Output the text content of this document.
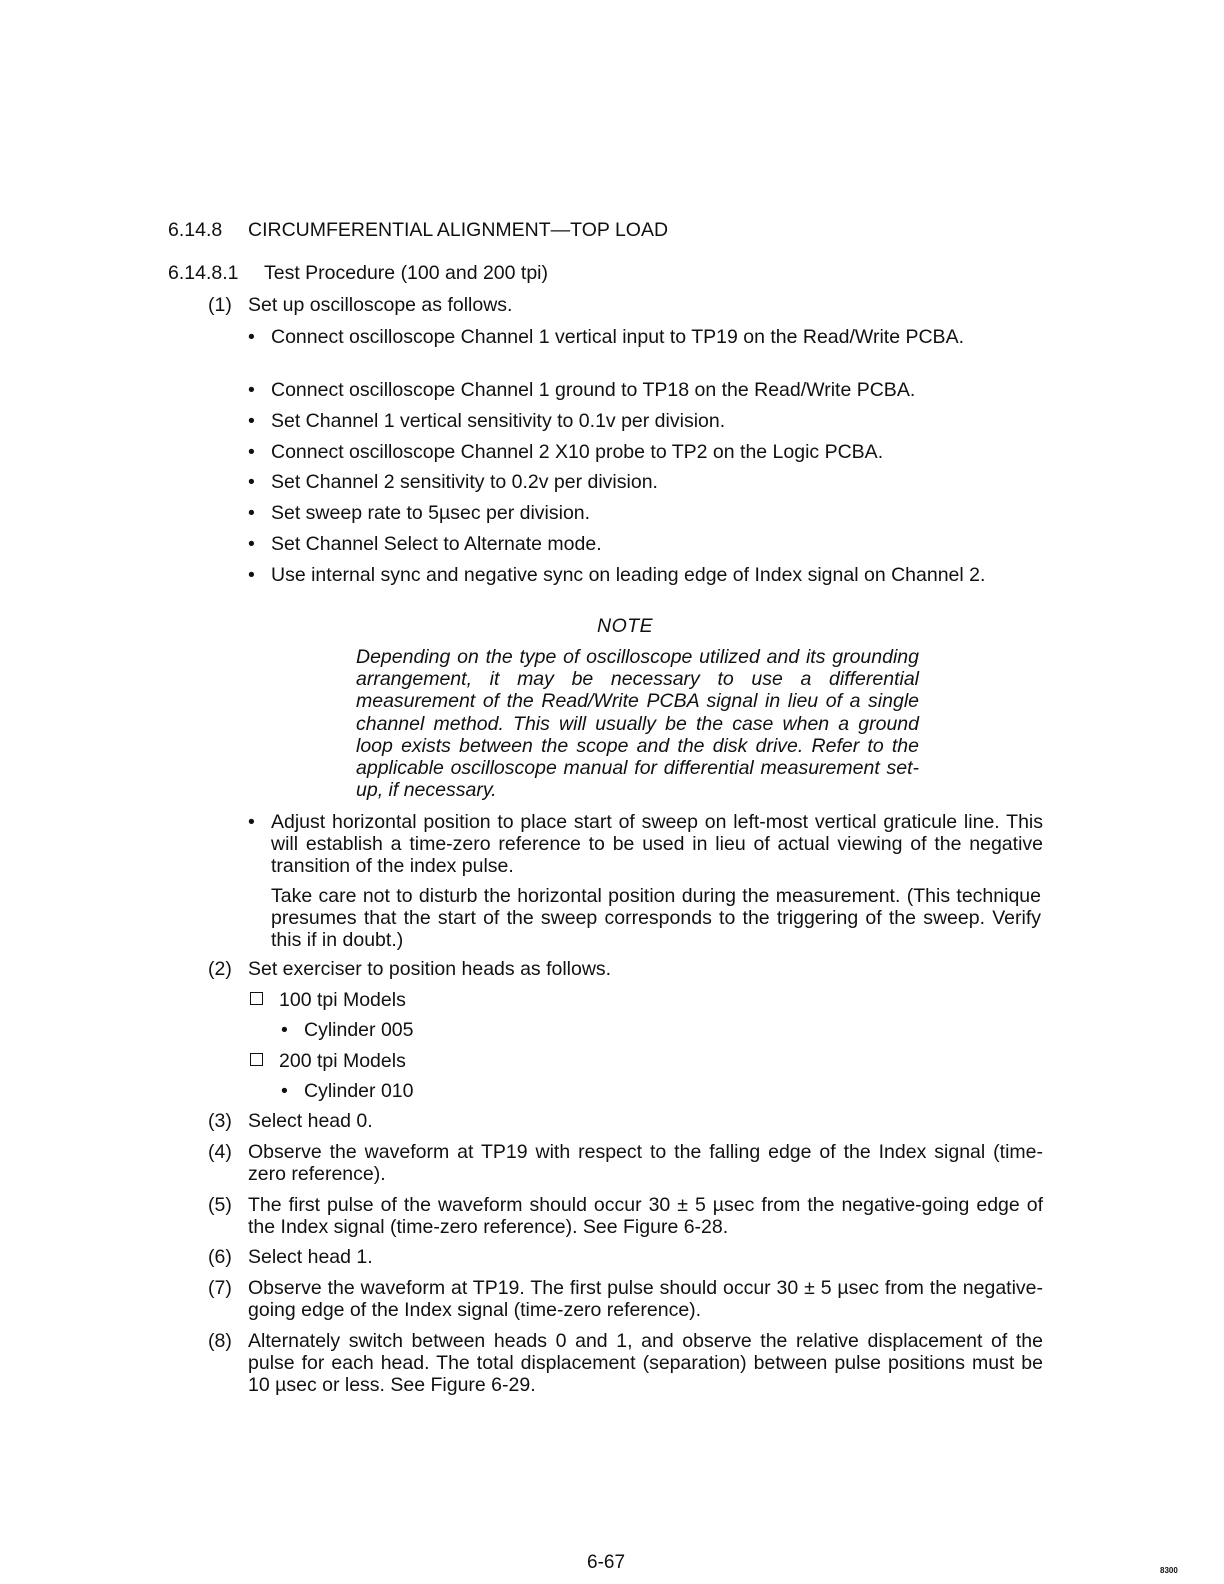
6.14.8 CIRCUMFERENTIAL ALIGNMENT—TOP LOAD
6.14.8.1 Test Procedure (100 and 200 tpi)
(1) Set up oscilloscope as follows.
• Connect oscilloscope Channel 1 vertical input to TP19 on the Read/Write PCBA.
• Connect oscilloscope Channel 1 ground to TP18 on the Read/Write PCBA.
• Set Channel 1 vertical sensitivity to 0.1v per division.
• Connect oscilloscope Channel 2 X10 probe to TP2 on the Logic PCBA.
• Set Channel 2 sensitivity to 0.2v per division.
• Set sweep rate to 5µsec per division.
• Set Channel Select to Alternate mode.
• Use internal sync and negative sync on leading edge of Index signal on Channel 2.
NOTE
Depending on the type of oscilloscope utilized and its grounding arrangement, it may be necessary to use a differential measurement of the Read/Write PCBA signal in lieu of a single channel method. This will usually be the case when a ground loop exists between the scope and the disk drive. Refer to the applicable oscilloscope manual for differential measurement set-up, if necessary.
• Adjust horizontal position to place start of sweep on left-most vertical graticule line. This will establish a time-zero reference to be used in lieu of actual viewing of the negative transition of the index pulse.
Take care not to disturb the horizontal position during the measurement. (This technique presumes that the start of the sweep corresponds to the triggering of the sweep. Verify this if in doubt.)
(2) Set exerciser to position heads as follows.
100 tpi Models
• Cylinder 005
200 tpi Models
• Cylinder 010
(3) Select head 0.
(4) Observe the waveform at TP19 with respect to the falling edge of the Index signal (time-zero reference).
(5) The first pulse of the waveform should occur 30 ± 5 µsec from the negative-going edge of the Index signal (time-zero reference). See Figure 6-28.
(6) Select head 1.
(7) Observe the waveform at TP19. The first pulse should occur 30 ± 5 µsec from the negative-going edge of the Index signal (time-zero reference).
(8) Alternately switch between heads 0 and 1, and observe the relative displacement of the pulse for each head. The total displacement (separation) between pulse positions must be 10 µsec or less. See Figure 6-29.
6-67	8300
